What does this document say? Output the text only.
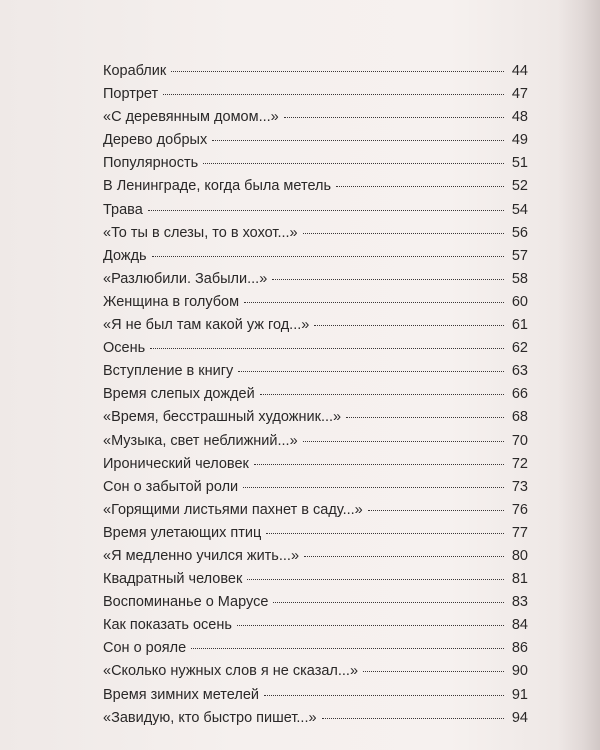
Кораблик	44
Портрет	47
«С деревянным домом...»	48
Дерево добрых	49
Популярность	51
В Ленинграде, когда была метель	52
Трава	54
«То ты в слезы, то в хохот...»	56
Дождь	57
«Разлюбили. Забыли...»	58
Женщина в голубом	60
«Я не был там какой уж год...»	61
Осень	62
Вступление в книгу	63
Время слепых дождей	66
«Время, бесстрашный художник...»	68
«Музыка, свет неближний...»	70
Иронический человек	72
Сон о забытой роли	73
«Горящими листьями пахнет в саду...»	76
Время улетающих птиц	77
«Я медленно учился жить...»	80
Квадратный человек	81
Воспоминанье о Марусе	83
Как показать осень	84
Сон о рояле	86
«Сколько нужных слов я не сказал...»	90
Время зимних метелей	91
«Завидую, кто быстро пишет...»	94
